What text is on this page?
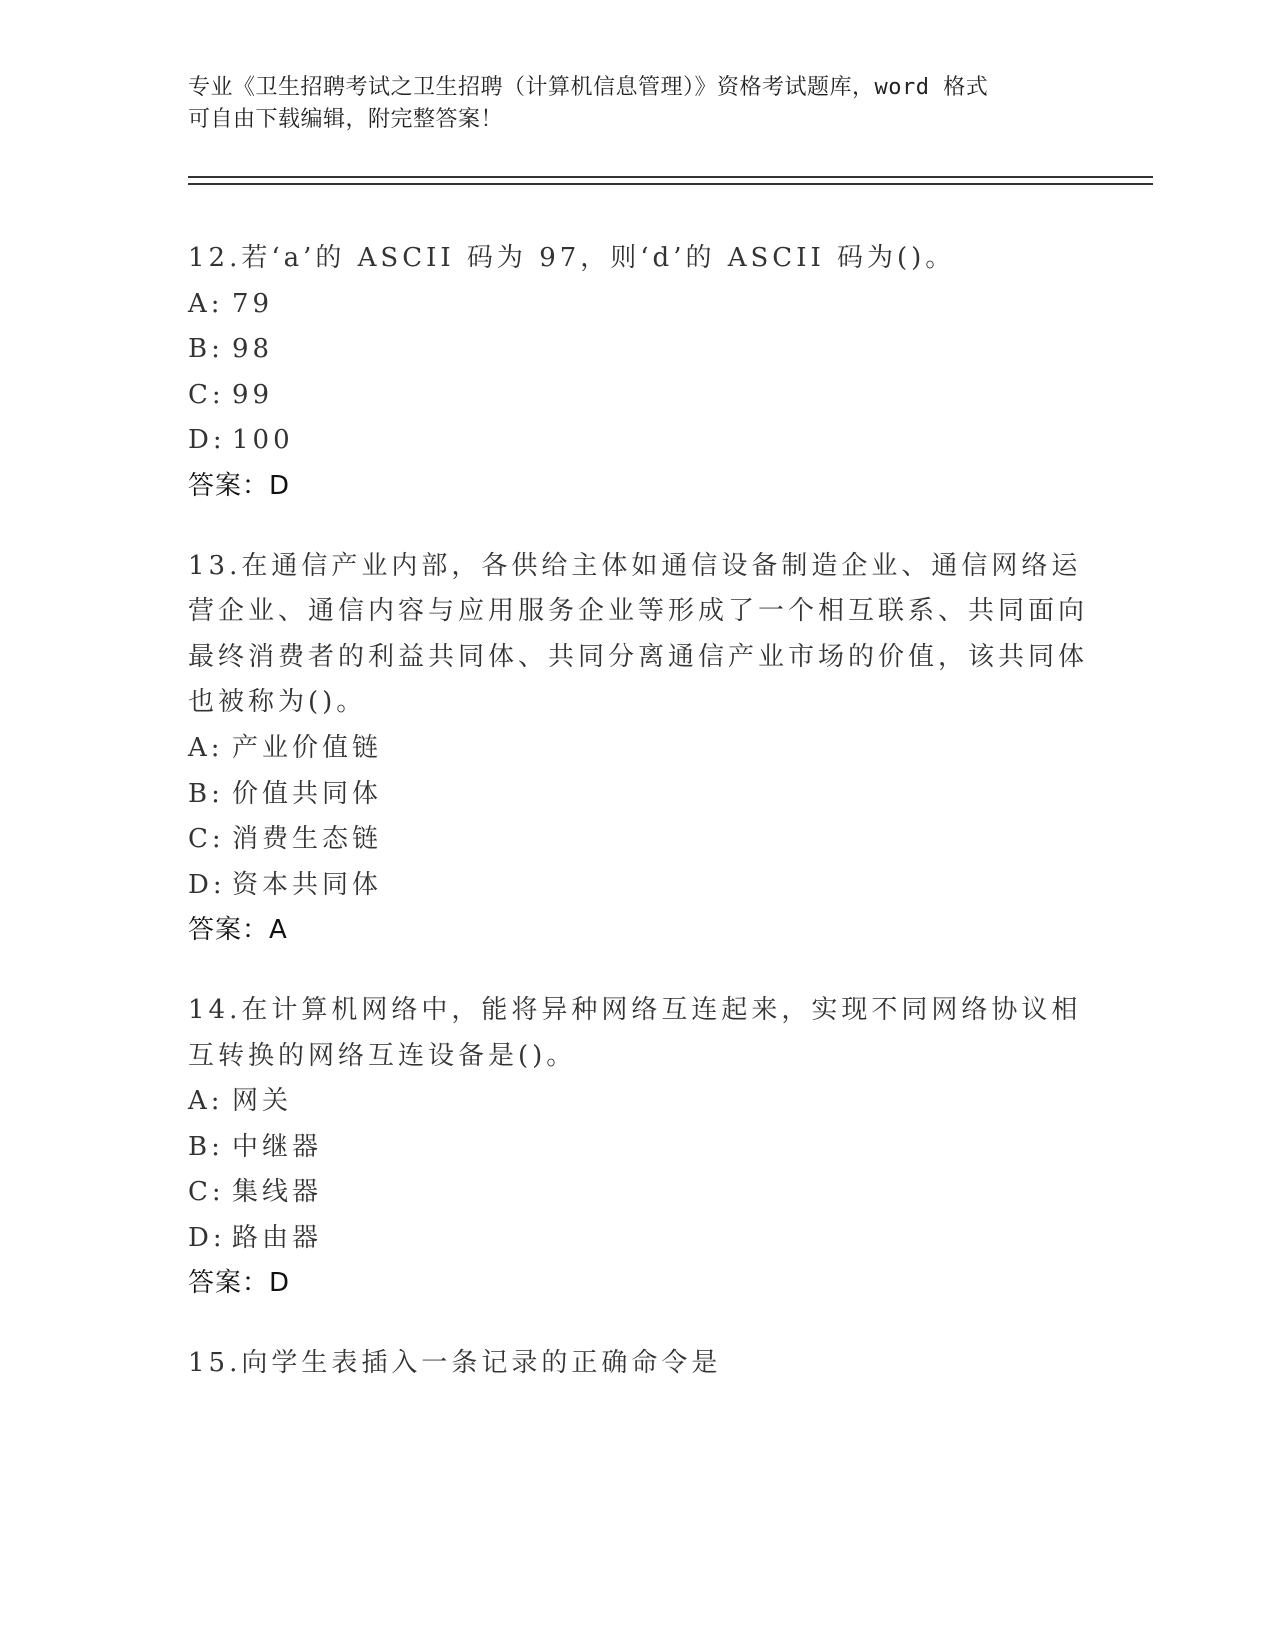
专业《卫生招聘考试之卫生招聘（计算机信息管理）》资格考试题库，word 格式
可自由下载编辑，附完整答案！
12.若‘a’的 ASCII 码为 97，则‘d’的 ASCII 码为()。
A: 79
B: 98
C: 99
D: 100
答案：D
13.在通信产业内部，各供给主体如通信设备制造企业、通信网络运营企业、通信内容与应用服务企业等形成了一个相互联系、共同面向最终消费者的利益共同体、共同分离通信产业市场的价值，该共同体也被称为()。
A: 产业价值链
B: 价值共同体
C: 消费生态链
D: 资本共同体
答案：A
14.在计算机网络中，能将异种网络互连起来，实现不同网络协议相互转换的网络互连设备是()。
A: 网关
B: 中继器
C: 集线器
D: 路由器
答案：D
15.向学生表插入一条记录的正确命令是
